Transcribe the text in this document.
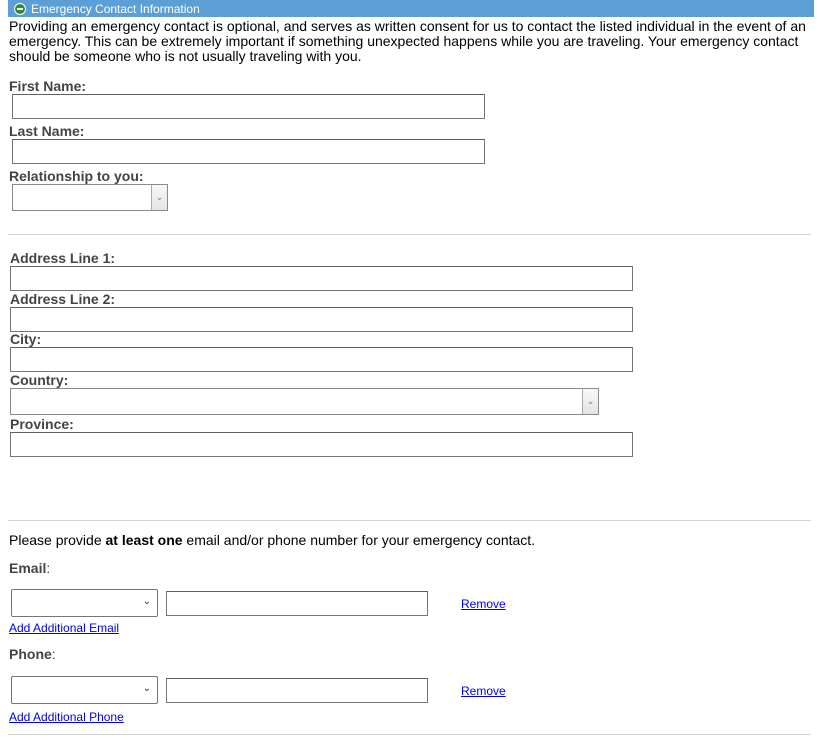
Emergency Contact Information
Providing an emergency contact is optional, and serves as written consent for us to contact the listed individual in the event of an emergency. This can be extremely important if something unexpected happens while you are traveling. Your emergency contact should be someone who is not usually traveling with you.
First Name:
Last Name:
Relationship to you:
⌄
Address Line 1:
Address Line 2:
City:
Country:
⌄
Province:
Please provide at least one email and/or phone number for your emergency contact.
Email:
⌄	Remove
Add Additional Email
Phone:
⌄	Remove
Add Additional Phone
